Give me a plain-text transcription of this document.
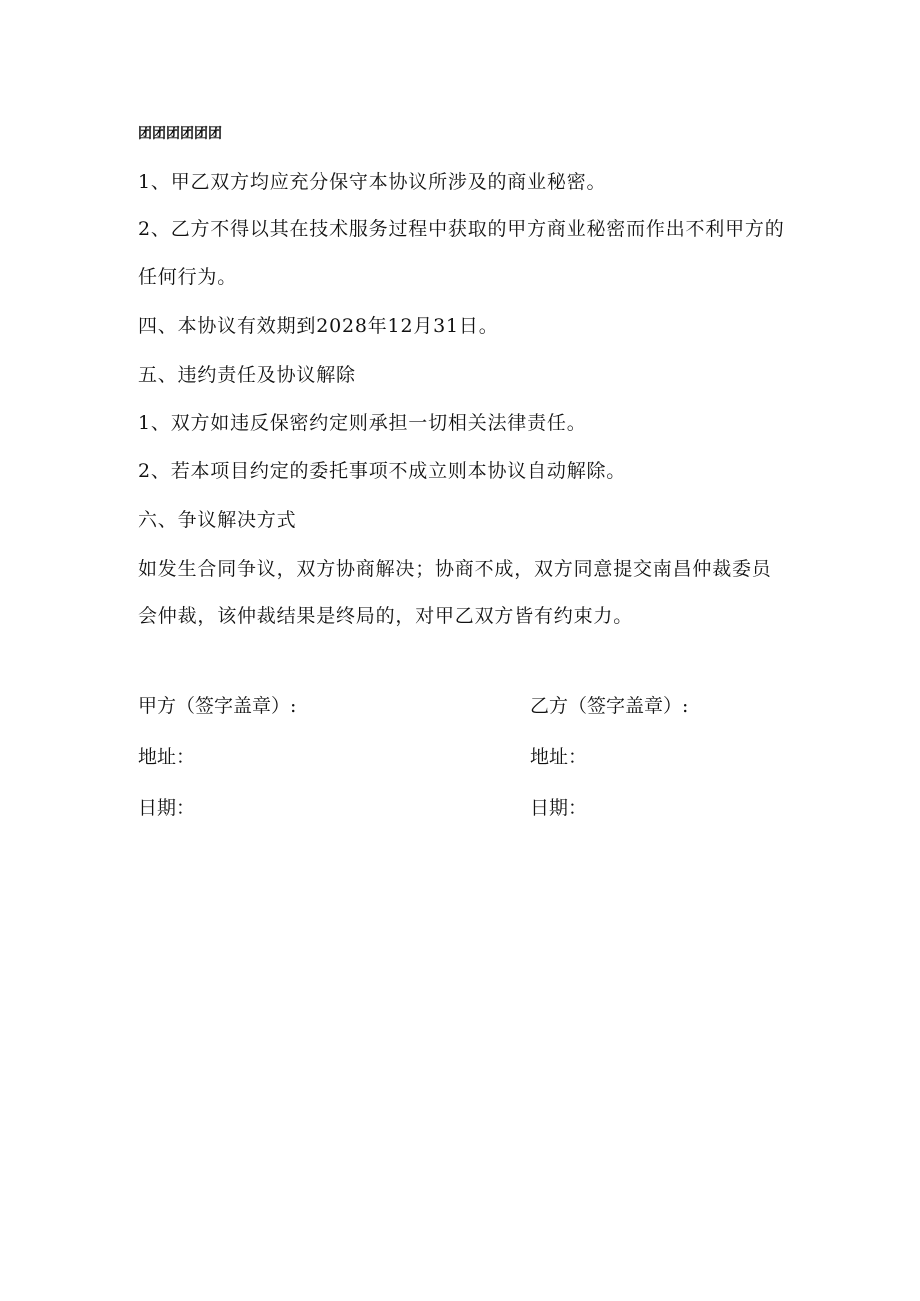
团团团团团团
1、甲乙双方均应充分保守本协议所涉及的商业秘密。
2、乙方不得以其在技术服务过程中获取的甲方商业秘密而作出不利甲方的
任何行为。
四、本协议有效期到2028年12月31日。
五、违约责任及协议解除
1、双方如违反保密约定则承担一切相关法律责任。
2、若本项目约定的委托事项不成立则本协议自动解除。
六、争议解决方式
如发生合同争议，双方协商解决；协商不成，双方同意提交南昌仲裁委员
会仲裁，该仲裁结果是终局的，对甲乙双方皆有约束力。
甲方（签字盖章）:	乙方（签字盖章）:
地址：	地址：
日期：	日期：
